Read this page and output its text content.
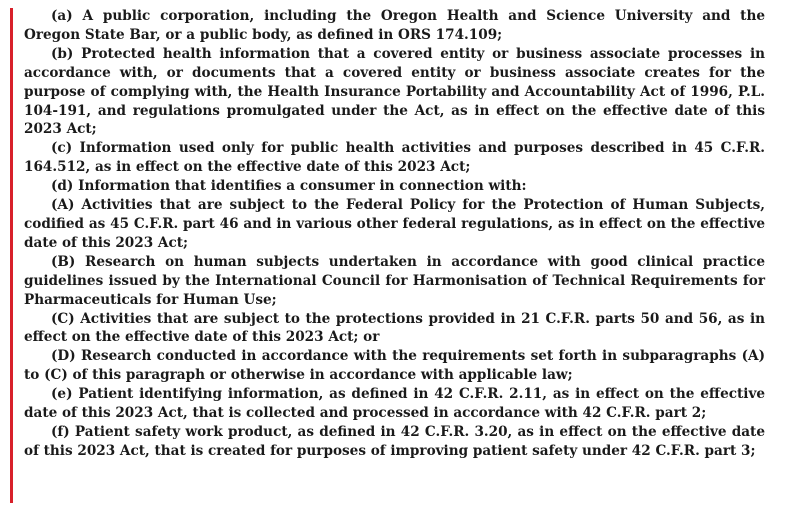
(a) A public corporation, including the Oregon Health and Science University and the Oregon State Bar, or a public body, as defined in ORS 174.109;

(b) Protected health information that a covered entity or business associate processes in accordance with, or documents that a covered entity or business associate creates for the purpose of complying with, the Health Insurance Portability and Accountability Act of 1996, P.L. 104-191, and regulations promulgated under the Act, as in effect on the effective date of this 2023 Act;

(c) Information used only for public health activities and purposes described in 45 C.F.R. 164.512, as in effect on the effective date of this 2023 Act;

(d) Information that identifies a consumer in connection with:

(A) Activities that are subject to the Federal Policy for the Protection of Human Subjects, codified as 45 C.F.R. part 46 and in various other federal regulations, as in effect on the effective date of this 2023 Act;

(B) Research on human subjects undertaken in accordance with good clinical practice guidelines issued by the International Council for Harmonisation of Technical Requirements for Pharmaceuticals for Human Use;

(C) Activities that are subject to the protections provided in 21 C.F.R. parts 50 and 56, as in effect on the effective date of this 2023 Act; or

(D) Research conducted in accordance with the requirements set forth in subparagraphs (A) to (C) of this paragraph or otherwise in accordance with applicable law;

(e) Patient identifying information, as defined in 42 C.F.R. 2.11, as in effect on the effective date of this 2023 Act, that is collected and processed in accordance with 42 C.F.R. part 2;

(f) Patient safety work product, as defined in 42 C.F.R. 3.20, as in effect on the effective date of this 2023 Act, that is created for purposes of improving patient safety under 42 C.F.R. part 3;
